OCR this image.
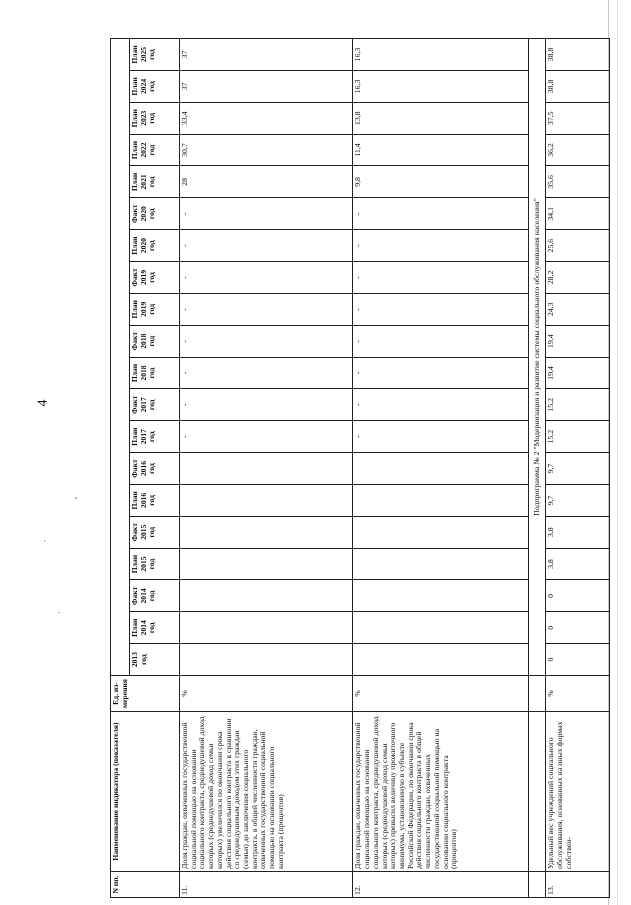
4
N пп.	Наименование индикатора (показателя)	Ед. из-мерения																				
			2013 год	План 2014 год	Факт 2014 год	План 2015 год	Факт 2015 год	План 2016 год	Факт 2016 год	План 2017 год	Факт 2017 год	План 2018 год	Факт 2018 год	План 2019 год	Факт 2019 год	План 2020 год	Факт 2020 год	План 2021 год	План 2022 год	План 2023 год	План 2024 год	План 2025 год
11.	Доля граждан, охваченных государственной социальной помощью на основании социального контракта, среднедушевой доход которых (среднедушевой доход семьи которых) увеличился по окончании срока действия социального контракта в сравнении со среднедушевым доходом этих граждан (семьи) до заключения социального контракта, в общей численности граждан, охваченных государственной социальной помощью на основании социального контракта (процентов)	%								-	-	-	-	-	-	-	-	28	30,7	33,4	37	37
12.	Доля граждан, охваченных государственной социальной помощью на основании социального контракта, среднедушевой доход которых (среднедушевой доход семьи которых) превысил величину прожиточного минимума, установленную в субъекте Российской Федерации, по окончании срока действия социального контракта в общей численности граждан, охваченных государственной социальной помощью на основании социального контракта (процентов)	%								-	-	-	-	-	-	-	-	9,8	11,4	13,8	16,3	16,3
			Подпрограмма № 2 "Модернизация и развитие системы социального обслуживания населения"																			
13.	Удельный вес учреждений социального обслуживания, основанных на иных формах собствен-	%	0	0	0	3,8	3,8	9,7	9,7	15,2	15,2	19,4	19,4	24,3	28,2	25,6	34,1	35,6	36,2	37,5	38,8	38,8
